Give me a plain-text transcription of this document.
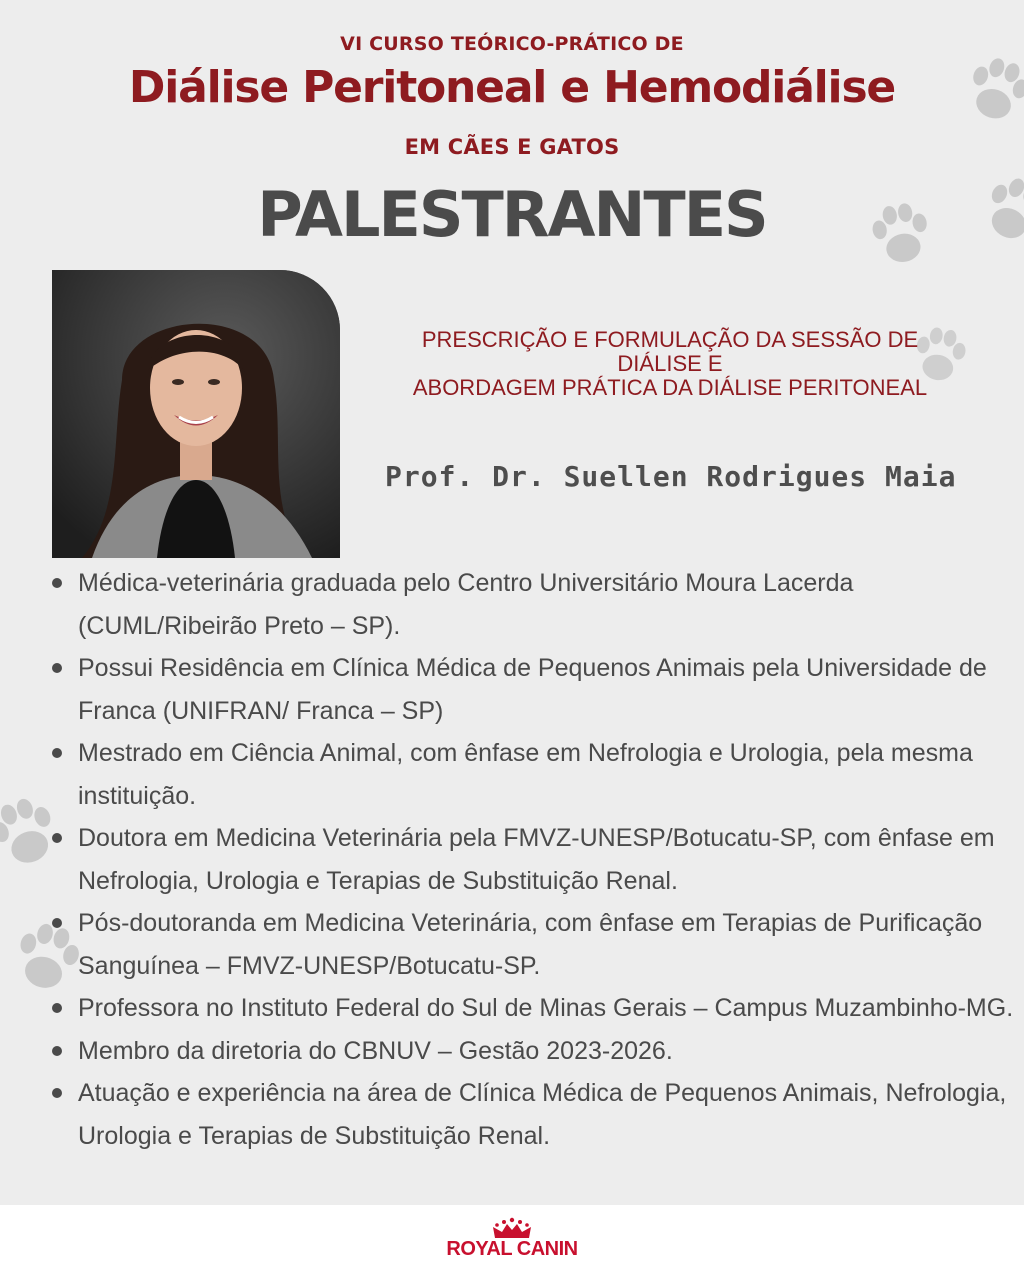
VI CURSO TEÓRICO-PRÁTICO DE
Diálise Peritoneal e Hemodiálise
EM CÃES E GATOS
PALESTRANTES
PRESCRIÇÃO E FORMULAÇÃO DA SESSÃO DE
DIÁLISE E
ABORDAGEM PRÁTICA DA DIÁLISE PERITONEAL
Prof. Dr. Suellen Rodrigues Maia
Médica-veterinária graduada pelo Centro Universitário Moura Lacerda (CUML/Ribeirão Preto – SP).
Possui Residência em Clínica Médica de Pequenos Animais pela Universidade de Franca (UNIFRAN/ Franca – SP)
Mestrado em Ciência Animal, com ênfase em Nefrologia e Urologia, pela mesma instituição.
Doutora em Medicina Veterinária pela FMVZ-UNESP/Botucatu-SP, com ênfase em Nefrologia, Urologia e Terapias de Substituição Renal.
Pós-doutoranda em Medicina Veterinária, com ênfase em Terapias de Purificação Sanguínea – FMVZ-UNESP/Botucatu-SP.
Professora no Instituto Federal do Sul de Minas Gerais – Campus Muzambinho-MG.
Membro da diretoria do CBNUV – Gestão 2023-2026.
Atuação e experiência na área de Clínica Médica de Pequenos Animais, Nefrologia, Urologia e Terapias de Substituição Renal.
ROYAL CANIN
